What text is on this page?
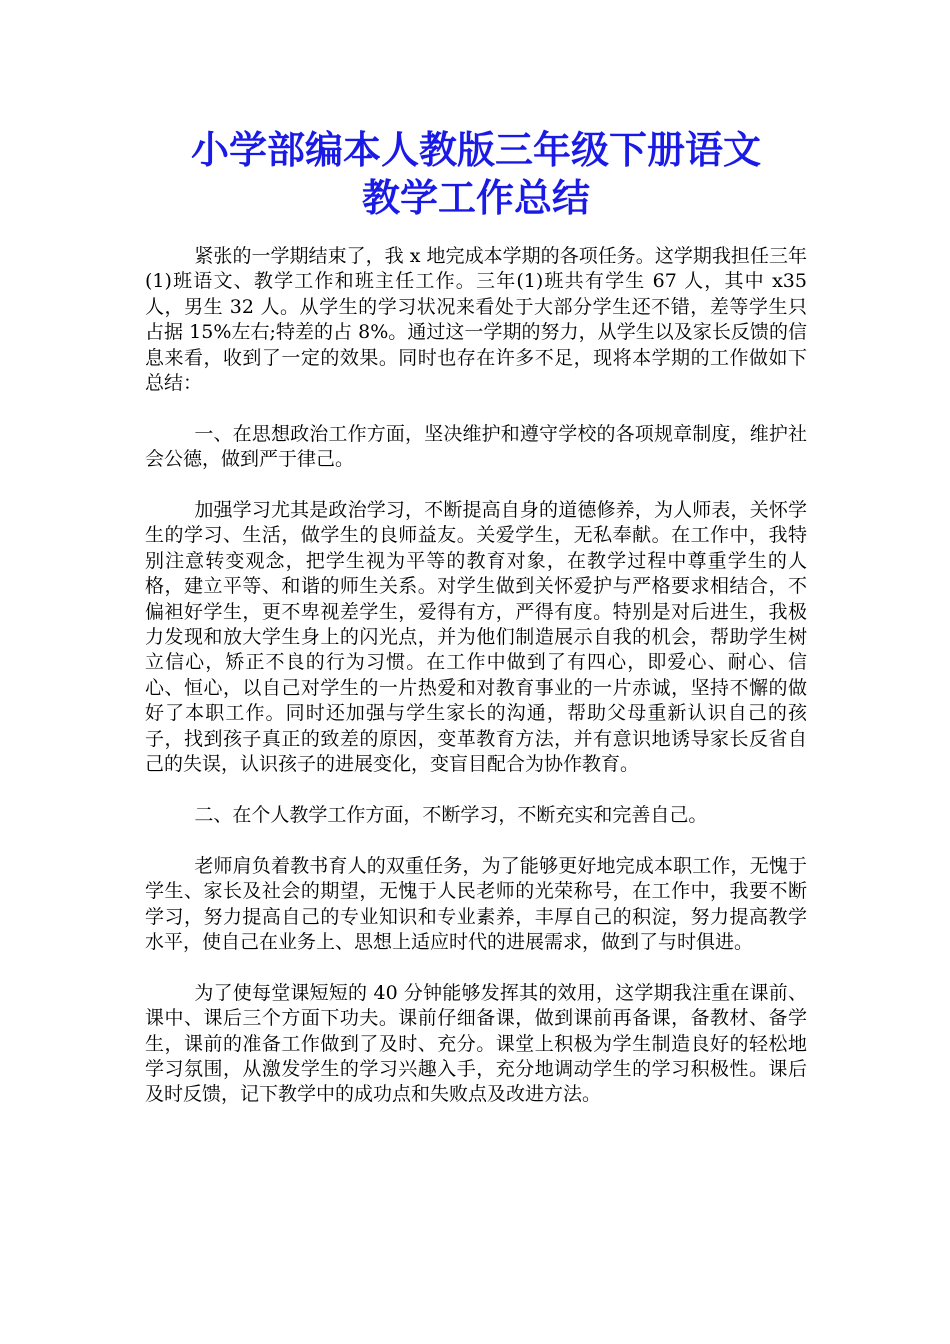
小学部编本人教版三年级下册语文
教学工作总结

紧张的一学期结束了，我 x 地完成本学期的各项任务。这学期我担任三年(1)班语文、教学工作和班主任工作。三年(1)班共有学生 67 人，其中 x35 人，男生 32 人。从学生的学习状况来看处于大部分学生还不错，差等学生只占据 15%左右;特差的占 8%。通过这一学期的努力，从学生以及家长反馈的信息来看，收到了一定的效果。同时也存在许多不足，现将本学期的工作做如下总结：

一、在思想政治工作方面，坚决维护和遵守学校的各项规章制度，维护社会公德，做到严于律己。

加强学习尤其是政治学习，不断提高自身的道德修养，为人师表，关怀学生的学习、生活，做学生的良师益友。关爱学生，无私奉献。在工作中，我特别注意转变观念，把学生视为平等的教育对象，在教学过程中尊重学生的人格，建立平等、和谐的师生关系。对学生做到关怀爱护与严格要求相结合，不偏袒好学生，更不卑视差学生，爱得有方，严得有度。特别是对后进生，我极力发现和放大学生身上的闪光点，并为他们制造展示自我的机会，帮助学生树立信心，矫正不良的行为习惯。在工作中做到了有四心，即爱心、耐心、信心、恒心，以自己对学生的一片热爱和对教育事业的一片赤诚，坚持不懈的做好了本职工作。同时还加强与学生家长的沟通，帮助父母重新认识自己的孩子，找到孩子真正的致差的原因，变革教育方法，并有意识地诱导家长反省自己的失误，认识孩子的进展变化，变盲目配合为协作教育。

二、在个人教学工作方面，不断学习，不断充实和完善自己。

老师肩负着教书育人的双重任务，为了能够更好地完成本职工作，无愧于学生、家长及社会的期望，无愧于人民老师的光荣称号，在工作中，我要不断学习，努力提高自己的专业知识和专业素养，丰厚自己的积淀，努力提高教学水平，使自己在业务上、思想上适应时代的进展需求，做到了与时俱进。

为了使每堂课短短的 40 分钟能够发挥其的效用，这学期我注重在课前、课中、课后三个方面下功夫。课前仔细备课，做到课前再备课，备教材、备学生，课前的准备工作做到了及时、充分。课堂上积极为学生制造良好的轻松地学习氛围，从激发学生的学习兴趣入手，充分地调动学生的学习积极性。课后及时反馈，记下教学中的成功点和失败点及改进方法。
